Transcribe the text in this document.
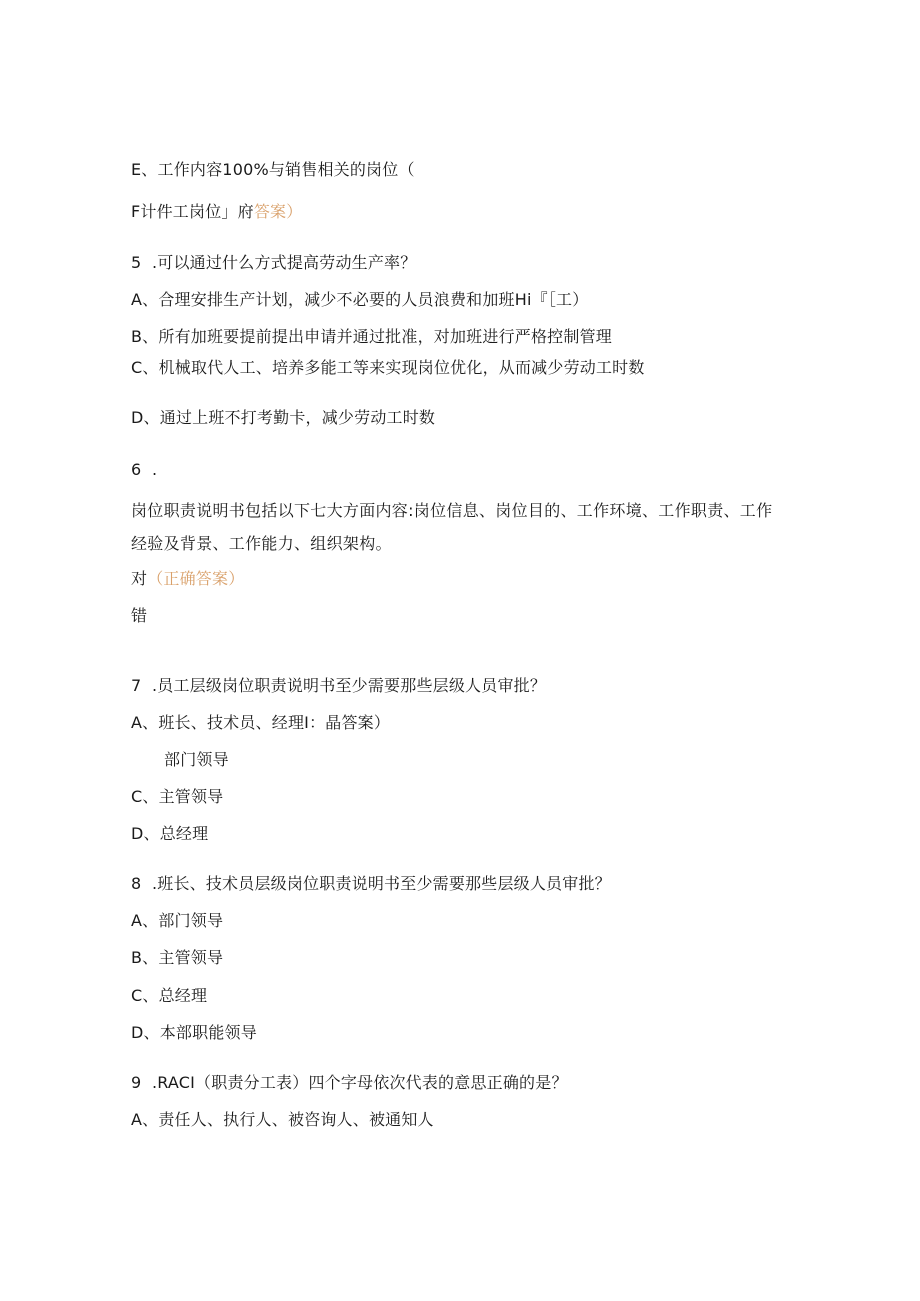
E、工作内容100%与销售相关的岗位（
F计件工岗位」府答案）
5  .可以通过什么方式提高劳动生产率？
A、合理安排生产计划，减少不必要的人员浪费和加班Hi『［工）
B、所有加班要提前提出申请并通过批准，对加班进行严格控制管理
C、机械取代人工、培养多能工等来实现岗位优化，从而减少劳动工时数
D、通过上班不打考勤卡，减少劳动工时数
6  .
岗位职责说明书包括以下七大方面内容:岗位信息、岗位目的、工作环境、工作职责、工作经验及背景、工作能力、组织架构。
对（正确答案）
错
7  .员工层级岗位职责说明书至少需要那些层级人员审批？
A、班长、技术员、经理I：晶答案）
部门领导
C、主管领导
D、总经理
8  .班长、技术员层级岗位职责说明书至少需要那些层级人员审批？
A、部门领导
B、主管领导
C、总经理
D、本部职能领导
9  .RACI（职责分工表）四个字母依次代表的意思正确的是？
A、责任人、执行人、被咨询人、被通知人
